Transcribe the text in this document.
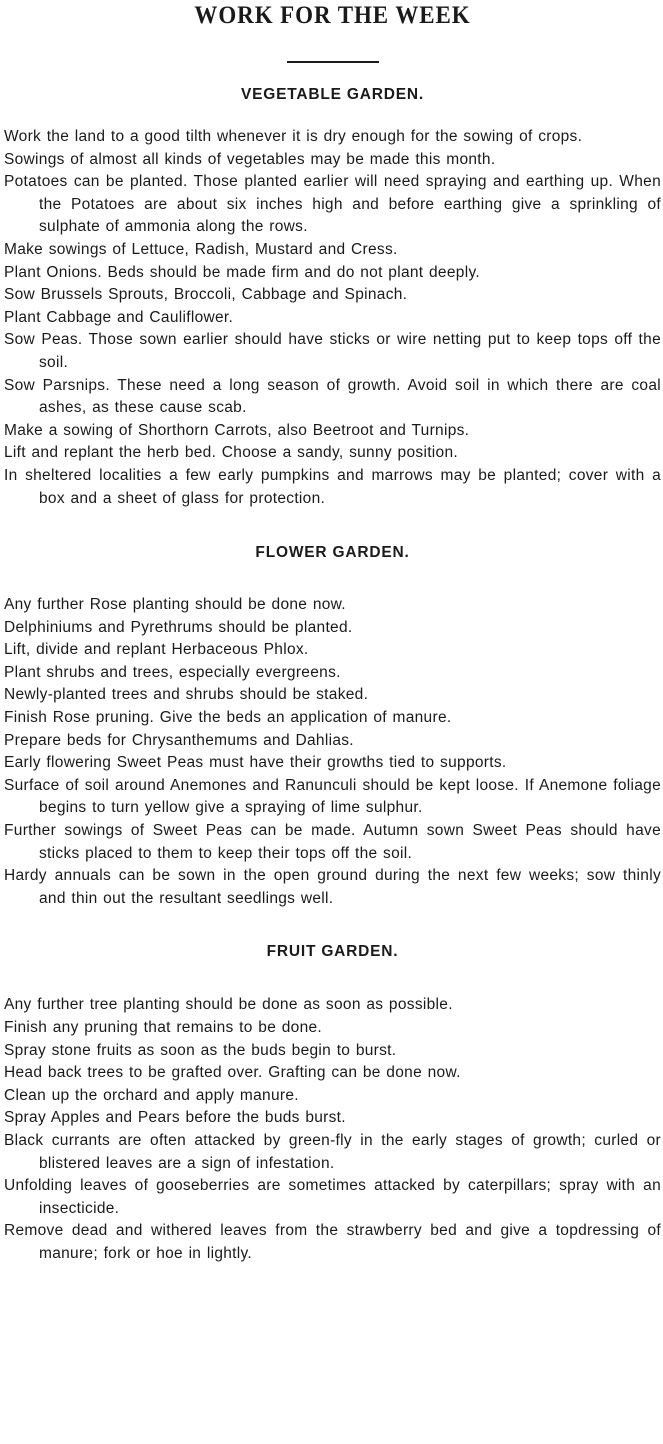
WORK FOR THE WEEK
VEGETABLE GARDEN.
Work the land to a good tilth whenever it is dry enough for the sowing of crops.
Sowings of almost all kinds of vegetables may be made this month.
Potatoes can be planted. Those planted earlier will need spraying and earthing up. When the Potatoes are about six inches high and before earthing give a sprinkling of sulphate of ammonia along the rows.
Make sowings of Lettuce, Radish, Mustard and Cress.
Plant Onions. Beds should be made firm and do not plant deeply.
Sow Brussels Sprouts, Broccoli, Cabbage and Spinach.
Plant Cabbage and Cauliflower.
Sow Peas. Those sown earlier should have sticks or wire netting put to keep tops off the soil.
Sow Parsnips. These need a long season of growth. Avoid soil in which there are coal ashes, as these cause scab.
Make a sowing of Shorthorn Carrots, also Beetroot and Turnips.
Lift and replant the herb bed. Choose a sandy, sunny position.
In sheltered localities a few early pumpkins and marrows may be planted; cover with a box and a sheet of glass for protection.
FLOWER GARDEN.
Any further Rose planting should be done now.
Delphiniums and Pyrethrums should be planted.
Lift, divide and replant Herbaceous Phlox.
Plant shrubs and trees, especially evergreens.
Newly-planted trees and shrubs should be staked.
Finish Rose pruning. Give the beds an application of manure.
Prepare beds for Chrysanthemums and Dahlias.
Early flowering Sweet Peas must have their growths tied to supports.
Surface of soil around Anemones and Ranunculi should be kept loose. If Anemone foliage begins to turn yellow give a spraying of lime sulphur.
Further sowings of Sweet Peas can be made. Autumn sown Sweet Peas should have sticks placed to them to keep their tops off the soil.
Hardy annuals can be sown in the open ground during the next few weeks; sow thinly and thin out the resultant seedlings well.
FRUIT GARDEN.
Any further tree planting should be done as soon as possible.
Finish any pruning that remains to be done.
Spray stone fruits as soon as the buds begin to burst.
Head back trees to be grafted over. Grafting can be done now.
Clean up the orchard and apply manure.
Spray Apples and Pears before the buds burst.
Black currants are often attacked by green-fly in the early stages of growth; curled or blistered leaves are a sign of infestation.
Unfolding leaves of gooseberries are sometimes attacked by caterpillars; spray with an insecticide.
Remove dead and withered leaves from the strawberry bed and give a topdressing of manure; fork or hoe in lightly.
